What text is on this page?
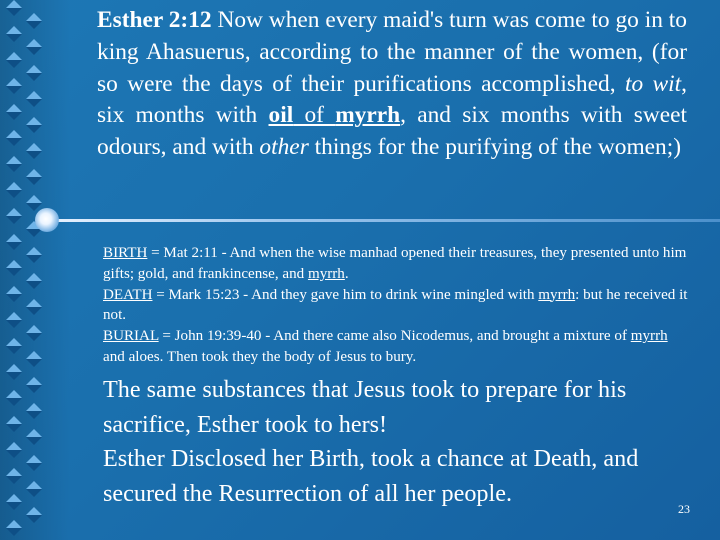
Esther 2:12 Now when every maid's turn was come to go in to king Ahasuerus, according to the manner of the women, (for so were the days of their purifications accomplished, to wit, six months with oil of myrrh, and six months with sweet odours, and with other things for the purifying of the women;)
BIRTH = Mat 2:11 - And when the wise manhad opened their treasures, they presented unto him gifts; gold, and frankincense, and myrrh.
DEATH = Mark 15:23 - And they gave him to drink wine mingled with myrrh: but he received it not.
BURIAL = John 19:39-40 - And there came also Nicodemus, and brought a mixture of myrrh and aloes. Then took they the body of Jesus to bury.
The same substances that Jesus took to prepare for his sacrifice, Esther took to hers!
Esther Disclosed her Birth, took a chance at Death, and secured the Resurrection of all her people.
23
